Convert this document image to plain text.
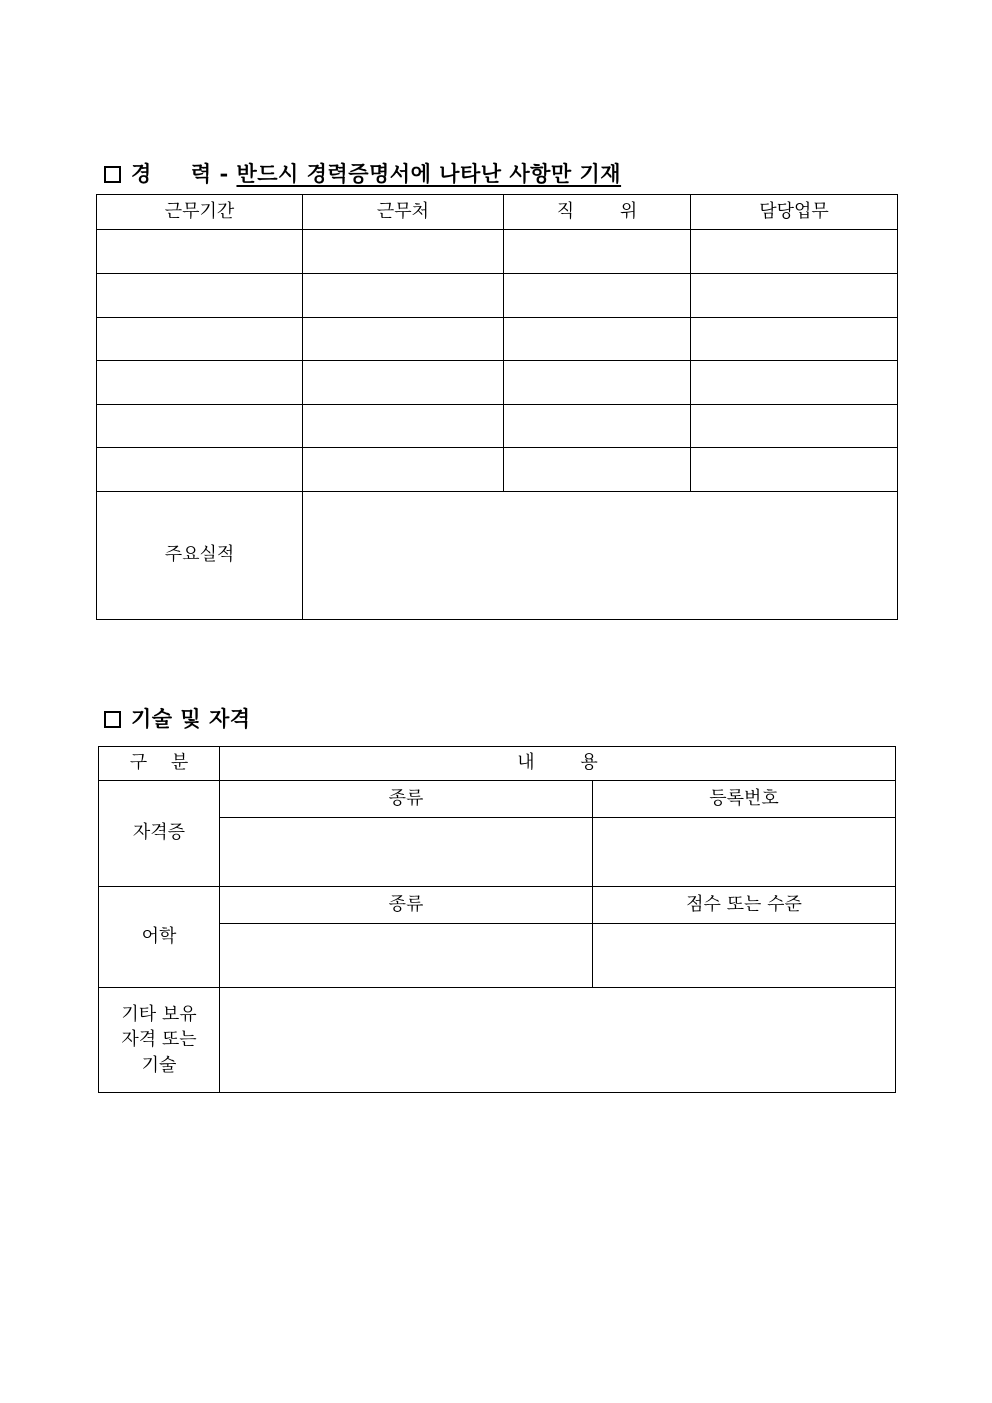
경     력 - 반드시 경력증명서에 나타난 사항만 기재
근무기간	근무처	직 위	담당업무

주요실적			
기술 및 자격
구 분	내 용	
자격증	종류	등록번호

어학	종류	점수 또는 수준

기타 보유
자격 또는
기술		
